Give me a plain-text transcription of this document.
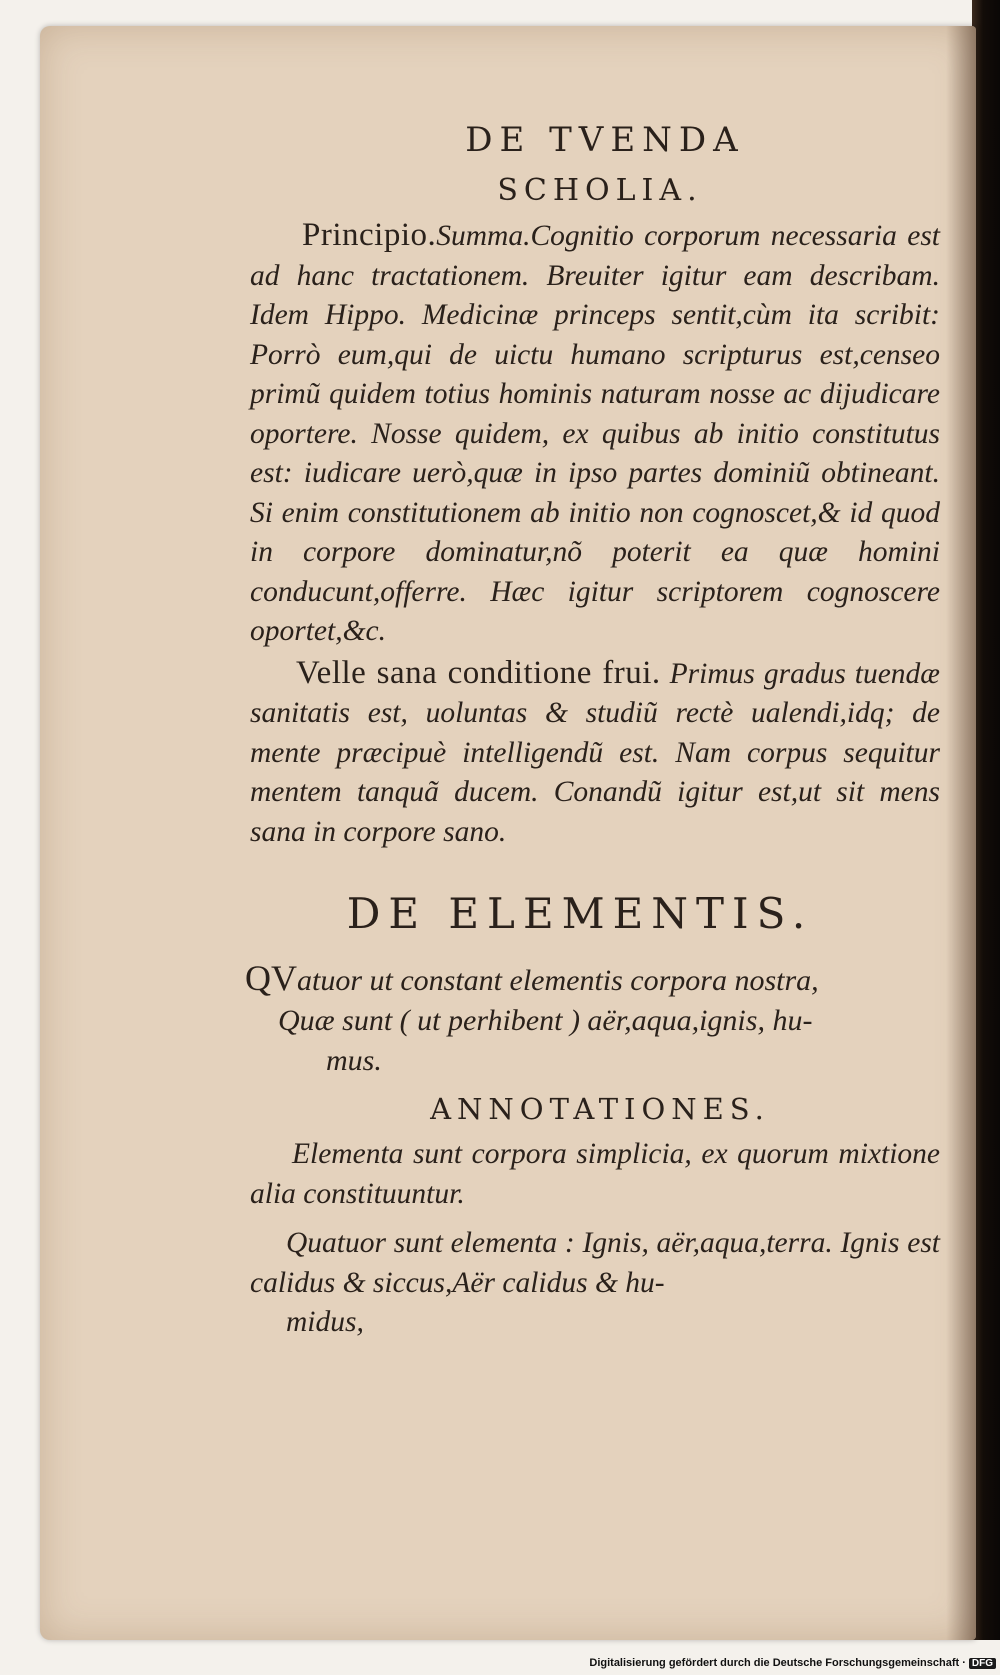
DE TVENDA

SCHOLIA.

Principio.Summa.Cognitio corporum necessaria est ad hanc tractationem. Breuiter igitur eam describam. Idem Hippo. Medicinæ princeps sentit,cùm ita scribit: Porrò eum,qui de uictu humano scripturus est,censeo primũ quidem totius hominis naturam nosse ac dijudicare oportere. Nosse quidem, ex quibus ab initio constitutus est: iudicare uerò,quæ in ipso partes dominiũ obtineant. Si enim constitutionem ab initio non cognoscet,& id quod in corpore dominatur,nõ poterit ea quæ homini conducunt,offerre. Hæc igitur scriptorem cognoscere oportet,&c.

Velle sana conditione frui. Primus gradus tuendæ sanitatis est, uoluntas & studiũ rectè ualendi,idq; de mente præcipuè intelligendũ est. Nam corpus sequitur mentem tanquã ducem. Conandũ igitur est,ut sit mens sana in corpore sano.

DE ELEMENTIS.

QVatuor ut constant elementis corpora nostra,
Quæ sunt ( ut perhibent ) aër,aqua,ignis, hu-
mus.

ANNOTATIONES.

Elementa sunt corpora simplicia, ex quorum mixtione alia constituuntur.

Quatuor sunt elementa : Ignis, aër,aqua,terra. Ignis est calidus & siccus,Aër calidus & hu-
midus,

Digitalisierung gefördert durch die Deutsche Forschungsgemeinschaft · DFG
